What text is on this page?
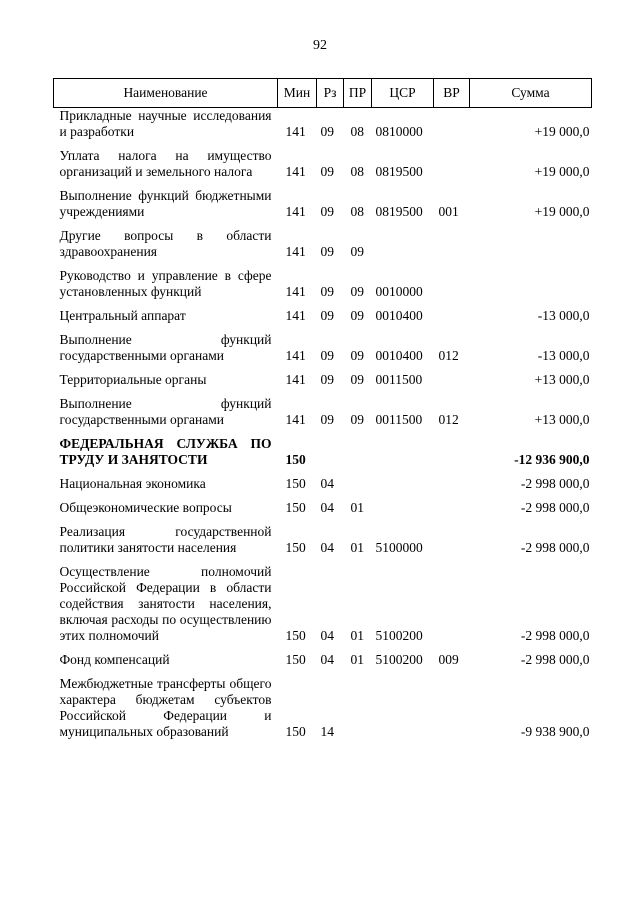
92
Наименование	Мин	Рз	ПР	ЦСР	ВР	Сумма
Прикладные научные исследования и разработки	141	09	08	0810000		+19 000,0
Уплата налога на имущество организаций и земельного налога	141	09	08	0819500		+19 000,0
Выполнение функций бюджетными учреждениями	141	09	08	0819500	001	+19 000,0
Другие вопросы в области здравоохранения	141	09	09			
Руководство и управление в сфере установленных функций	141	09	09	0010000		
Центральный аппарат	141	09	09	0010400		-13 000,0
Выполнение функций государственными органами	141	09	09	0010400	012	-13 000,0
Территориальные органы	141	09	09	0011500		+13 000,0
Выполнение функций государственными органами	141	09	09	0011500	012	+13 000,0
ФЕДЕРАЛЬНАЯ СЛУЖБА ПО ТРУДУ И ЗАНЯТОСТИ	150					-12 936 900,0
Национальная экономика	150	04				-2 998 000,0
Общеэкономические вопросы	150	04	01			-2 998 000,0
Реализация государственной политики занятости населения	150	04	01	5100000		-2 998 000,0
Осуществление полномочий Российской Федерации в области содействия занятости населения, включая расходы по осуществлению этих полномочий	150	04	01	5100200		-2 998 000,0
Фонд компенсаций	150	04	01	5100200	009	-2 998 000,0
Межбюджетные трансферты общего характера бюджетам субъектов Российской Федерации и муниципальных образований	150	14				-9 938 900,0
